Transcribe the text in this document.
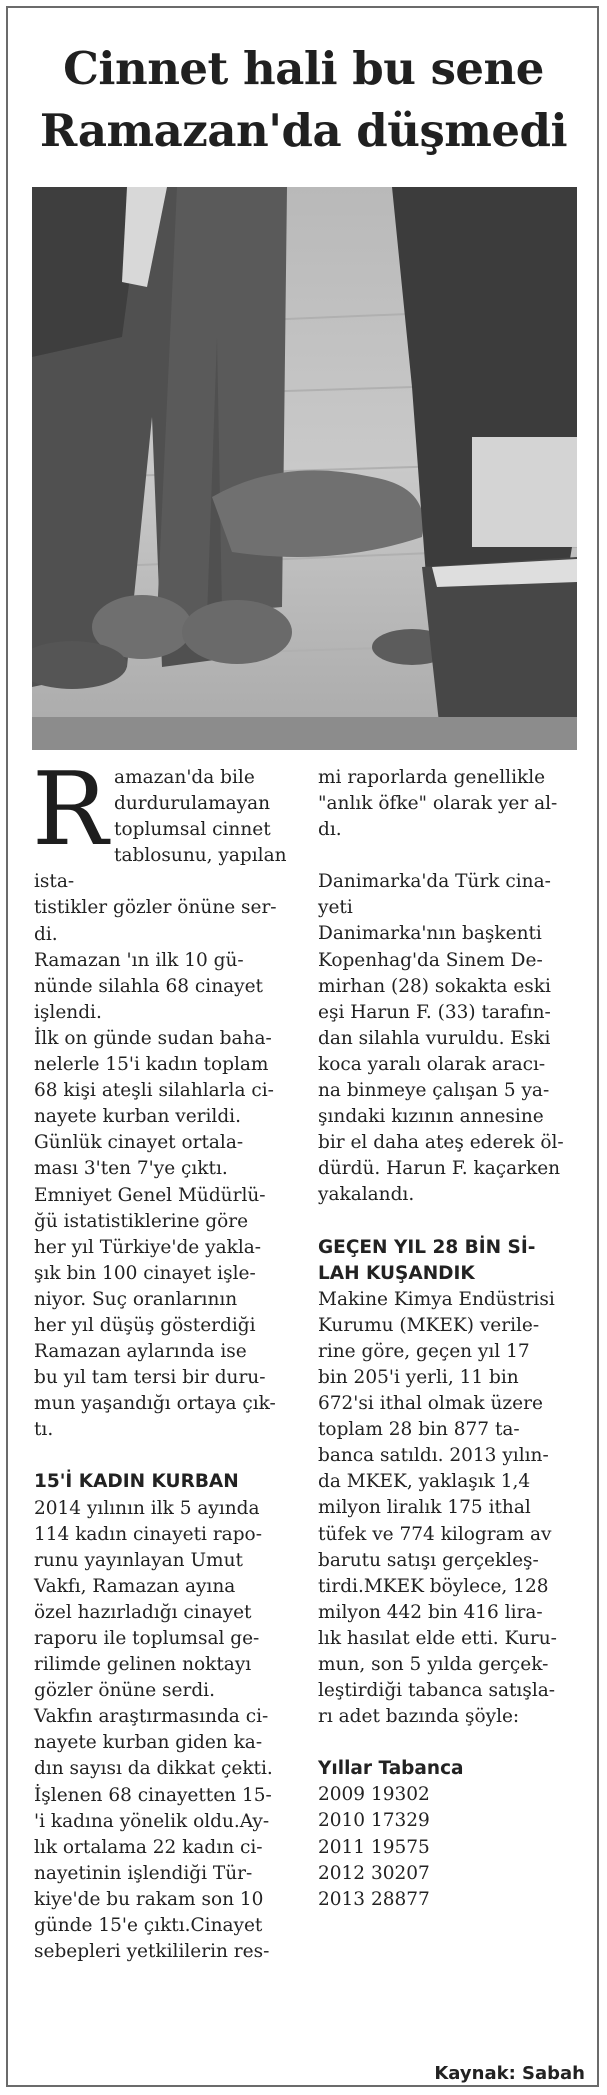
Cinnet hali bu sene
Ramazan'da düşmedi
R amazan'da bile

durdurulamayan

toplumsal cinnet

tablosunu, yapılan ista-

tistikler gözler önüne ser-

di.

Ramazan 'ın ilk 10 gü-

nünde silahla 68 cinayet

işlendi.

İlk on günde sudan baha-

nelerle 15'i kadın toplam

68 kişi ateşli silahlarla ci-

nayete kurban verildi.

Günlük cinayet ortala-

ması 3'ten 7'ye çıktı.

Emniyet Genel Müdürlü-

ğü istatistiklerine göre

her yıl Türkiye'de yakla-

şık bin 100 cinayet işle-

niyor. Suç oranlarının

her yıl düşüş gösterdiği

Ramazan aylarında ise

bu yıl tam tersi bir duru-

mun yaşandığı ortaya çık-

tı.

15'İ KADIN KURBAN

2014 yılının ilk 5 ayında

114 kadın cinayeti rapo-

runu yayınlayan Umut

Vakfı, Ramazan ayına

özel hazırladığı cinayet

raporu ile toplumsal ge-

rilimde gelinen noktayı

gözler önüne serdi.

Vakfın araştırmasında ci-

nayete kurban giden ka-

dın sayısı da dikkat çekti.

İşlenen 68 cinayetten 15-

'i kadına yönelik oldu.Ay-

lık ortalama 22 kadın ci-

nayetinin işlendiği Tür-

kiye'de bu rakam son 10

günde 15'e çıktı.Cinayet

sebepleri yetkililerin res-

mi raporlarda genellikle

"anlık öfke" olarak yer al-

dı.

Danimarka'da Türk cina-

yeti

Danimarka'nın başkenti

Kopenhag'da Sinem De-

mirhan (28) sokakta eski

eşi Harun F. (33) tarafın-

dan silahla vuruldu. Eski

koca yaralı olarak aracı-

na binmeye çalışan 5 ya-

şındaki kızının annesine

bir el daha ateş ederek öl-

dürdü. Harun F. kaçarken

yakalandı.

GEÇEN YIL 28 BİN Sİ-

LAH KUŞANDIK

Makine Kimya Endüstrisi

Kurumu (MKEK) verile-

rine göre, geçen yıl 17

bin 205'i yerli, 11 bin

672'si ithal olmak üzere

toplam 28 bin 877 ta-

banca satıldı. 2013 yılın-

da MKEK, yaklaşık 1,4

milyon liralık 175 ithal

tüfek ve 774 kilogram av

barutu satışı gerçekleş-

tirdi.MKEK böylece, 128

milyon 442 bin 416 lira-

lık hasılat elde etti. Kuru-

mun, son 5 yılda gerçek-

leştirdiği tabanca satışla-

rı adet bazında şöyle:

Yıllar Tabanca

2009 19302

2010 17329

2011 19575

2012 30207

2013 28877

Kaynak: Sabah
